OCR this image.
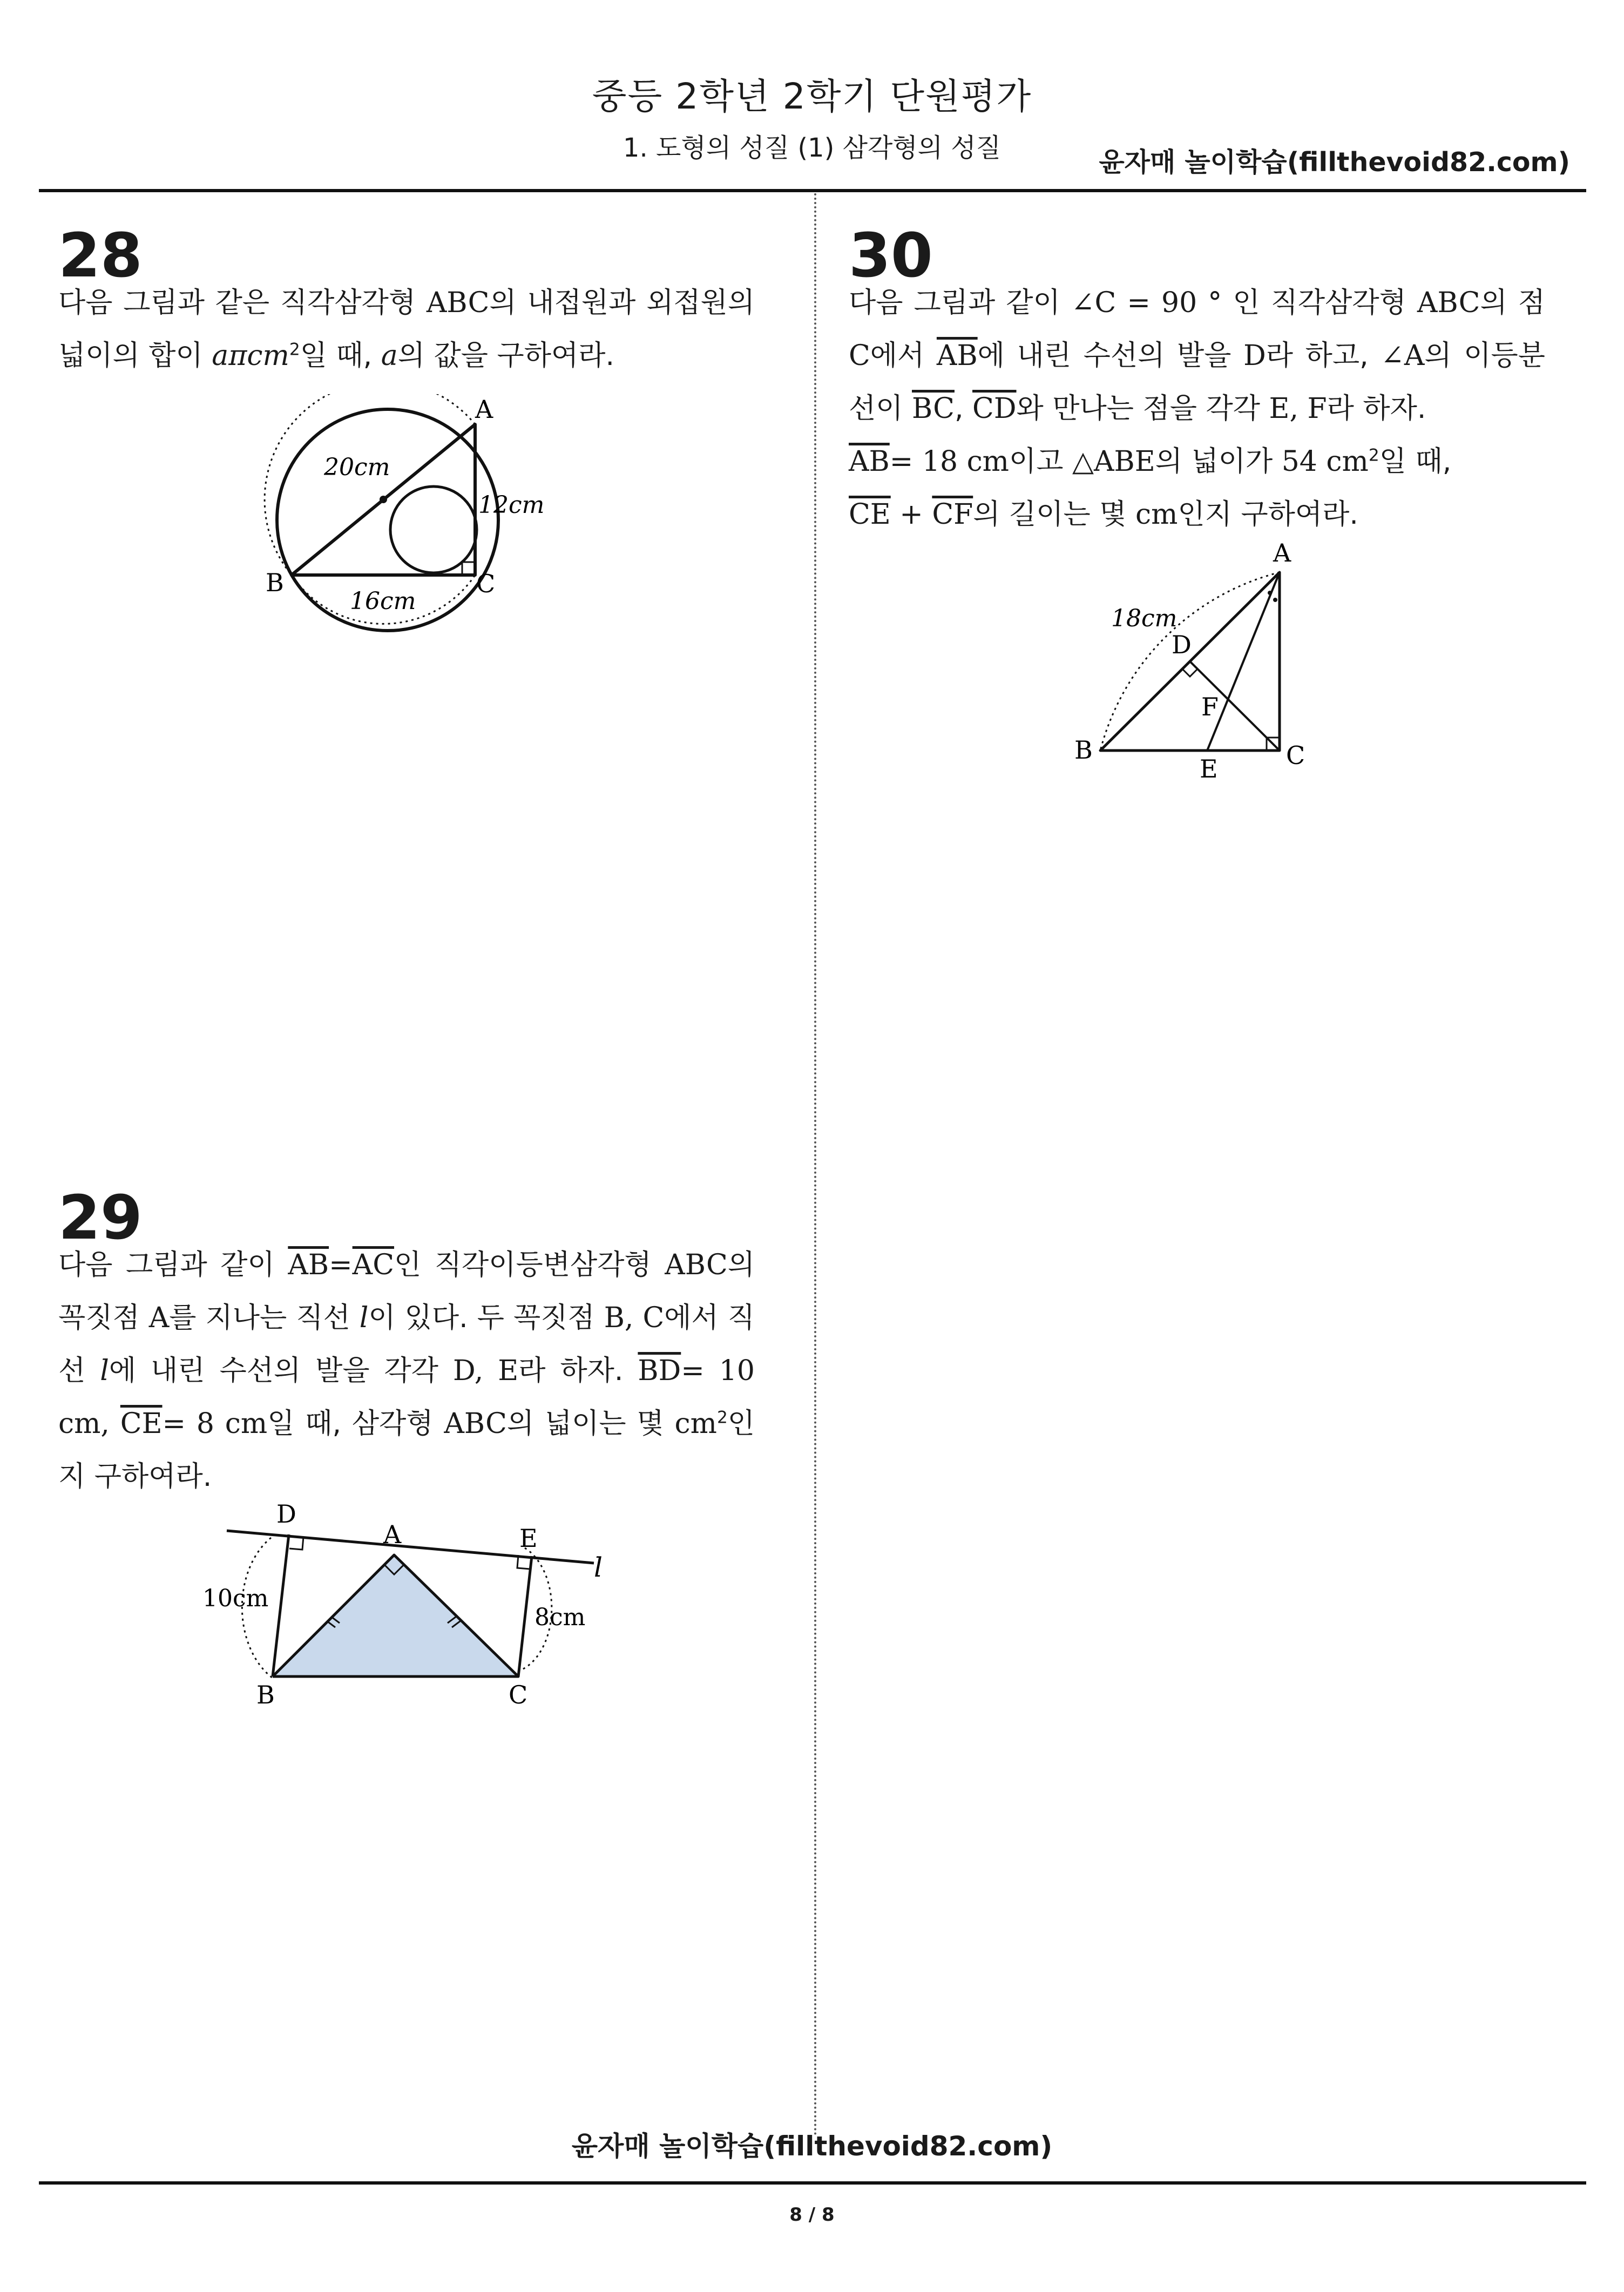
중등 2학년 2학기 단원평가
1. 도형의 성질 (1) 삼각형의 성질	윤자매 놀이학습(fillthevoid82.com)
28
다음 그림과 같은 직각삼각형 ABC의 내접원과 외접원의 넓이의 합이 aπcm$^2$일 때, a의 값을 구하여라.
A
B	C
20cm
12cm
16cm
29
다음 그림과 같이 $\overline{AB}=\overline{AC}$인 직각이등변삼각형 ABC의 꼭짓점 A를 지나는 직선 l이 있다. 두 꼭짓점 B, C에서 직선 l에 내린 수선의 발을 각각 D, E라 하자. $\overline{BD}= 10$ cm, $\overline{CE}= 8$ cm일 때, 삼각형 ABC의 넓이는 몇 $cm^2$인지 구하여라.
D
A	E
l
10cm
8cm
B	C
30
다음 그림과 같이 ∠C = 90 ° 인 직각삼각형 ABC의 점 C에서 $\overline{AB}$에 내린 수선의 발을 D라 하고, ∠A의 이등분선이 $\overline{BC}$, $\overline{CD}$와 만나는 점을 각각 E, F라 하자.
$\overline{AB}= 18$ cm이고 △ABE의 넓이가 54 $cm^2$일 때,
$\overline{CE} + \overline{CF}$의 길이는 몇 cm인지 구하여라.
A
18cm
D
F
B
E	C
윤자매 놀이학습(fillthevoid82.com)
8 / 8
